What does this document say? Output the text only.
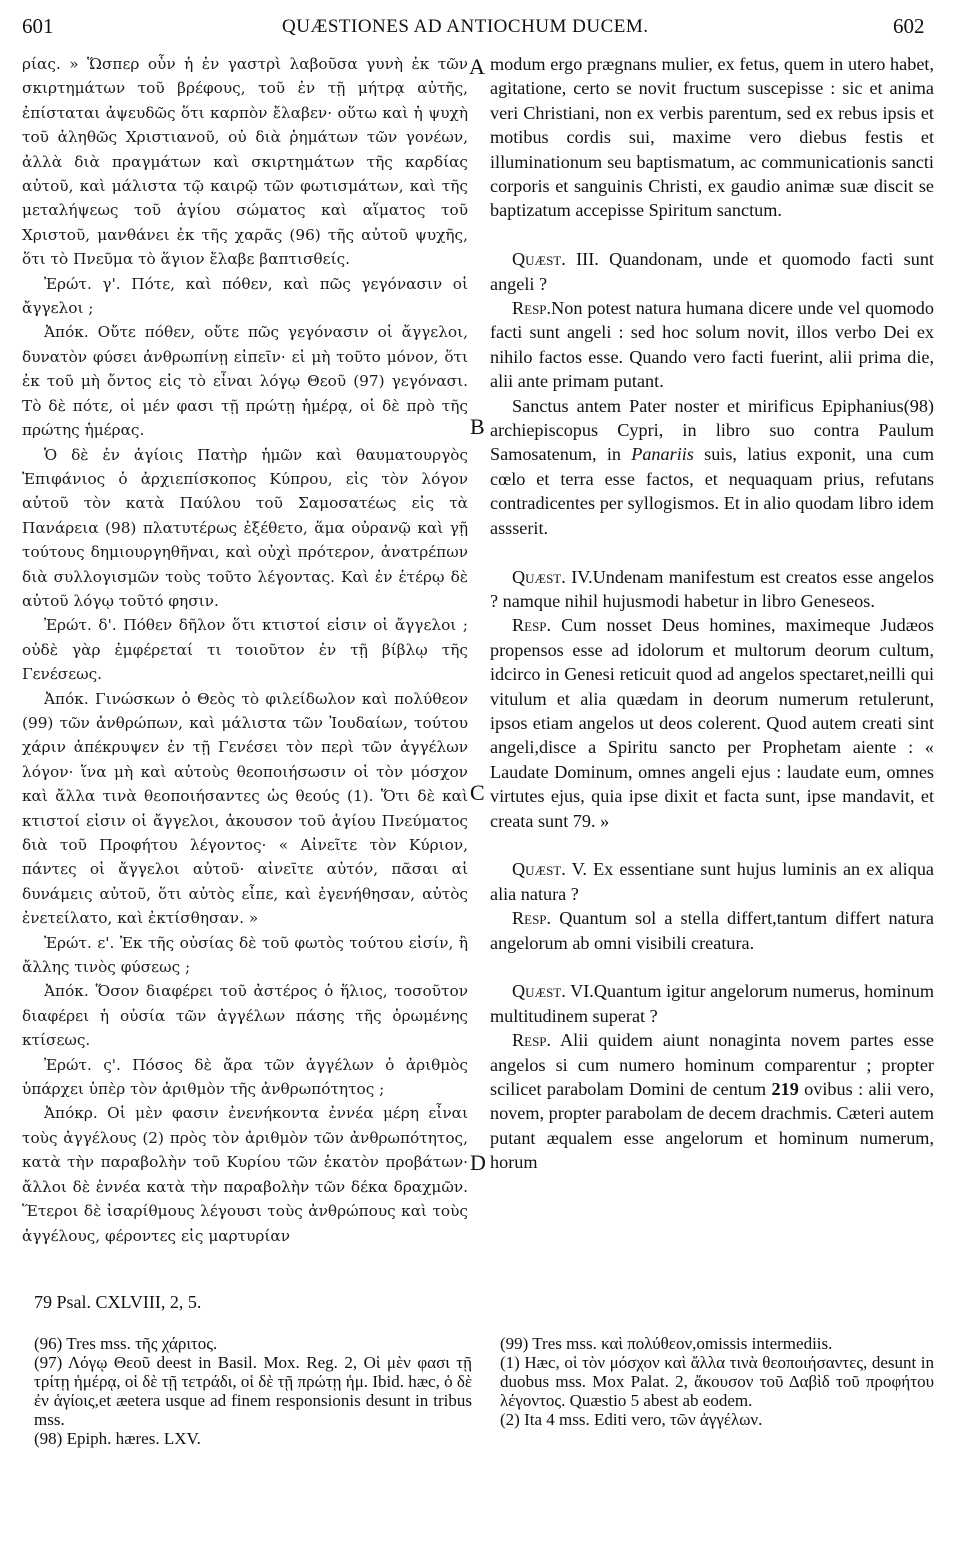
601	QUÆSTIONES AD ANTIOCHUM DUCEM.	602

ρίας. » Ὥσπερ οὖν ἡ ἐν γαστρὶ λαβοῦσα γυνὴ ἐκ τῶν σκιρτημάτων τοῦ βρέφους, τοῦ ἐν τῇ μήτρᾳ αὐτῆς, ἐπίσταται ἀψευδῶς ὅτι καρπὸν ἔλαβεν· οὕτω καὶ ἡ ψυχὴ τοῦ ἀληθῶς Χριστιανοῦ, οὐ διὰ ῥημάτων τῶν γονέων, ἀλλὰ διὰ πραγμάτων καὶ σκιρτημάτων τῆς καρδίας αὐτοῦ, καὶ μάλιστα τῷ καιρῷ τῶν φωτισμάτων, καὶ τῆς μεταλήψεως τοῦ ἁγίου σώματος καὶ αἵματος τοῦ Χριστοῦ, μανθάνει ἐκ τῆς χαρᾶς (96) τῆς αὐτοῦ ψυχῆς, ὅτι τὸ Πνεῦμα τὸ ἅγιον ἔλαβε βαπτισθείς.

Ἐρώτ. γ'. Πότε, καὶ πόθεν, καὶ πῶς γεγόνασιν οἱ ἄγγελοι ;

Ἀπόκ. Οὔτε πόθεν, οὔτε πῶς γεγόνασιν οἱ ἄγγελοι, δυνατὸν φύσει ἀνθρωπίνῃ εἰπεῖν· εἰ μὴ τοῦτο μόνον, ὅτι ἐκ τοῦ μὴ ὄντος εἰς τὸ εἶναι λόγῳ Θεοῦ (97) γεγόνασι. Τὸ δὲ πότε, οἱ μέν φασι τῇ πρώτῃ ἡμέρᾳ, οἱ δὲ πρὸ τῆς πρώτης ἡμέρας.

Ὁ δὲ ἐν ἁγίοις Πατὴρ ἡμῶν καὶ θαυματουργὸς Ἐπιφάνιος ὁ ἀρχιεπίσκοπος Κύπρου, εἰς τὸν λόγον αὐτοῦ τὸν κατὰ Παύλου τοῦ Σαμοσατέως εἰς τὰ Πανάρεια (98) πλατυτέρως ἐξέθετο, ἅμα οὐρανῷ καὶ γῇ τούτους δημιουργηθῆναι, καὶ οὐχὶ πρότερον, ἀνατρέπων διὰ συλλογισμῶν τοὺς τοῦτο λέγοντας. Καὶ ἐν ἑτέρῳ δὲ αὐτοῦ λόγῳ τοῦτό φησιν.

Ἐρώτ. δ'. Πόθεν δῆλον ὅτι κτιστοί εἰσιν οἱ ἄγγελοι ; οὐδὲ γὰρ ἐμφέρεταί τι τοιοῦτον ἐν τῇ βίβλῳ τῆς Γενέσεως.

Ἀπόκ. Γινώσκων ὁ Θεὸς τὸ φιλείδωλον καὶ πολύθεον (99) τῶν ἀνθρώπων, καὶ μάλιστα τῶν Ἰουδαίων, τούτου χάριν ἀπέκρυψεν ἐν τῇ Γενέσει τὸν περὶ τῶν ἀγγέλων λόγον· ἵνα μὴ καὶ αὐτοὺς θεοποιήσωσιν οἱ τὸν μόσχον καὶ ἄλλα τινὰ θεοποιήσαντες ὡς θεούς (1). Ὅτι δὲ καὶ κτιστοί εἰσιν οἱ ἄγγελοι, ἀκουσον τοῦ ἁγίου Πνεύματος διὰ τοῦ Προφήτου λέγοντος· « Αἰνεῖτε τὸν Κύριον, πάντες οἱ ἄγγελοι αὐτοῦ· αἰνεῖτε αὐτόν, πᾶσαι αἱ δυνάμεις αὐτοῦ, ὅτι αὐτὸς εἶπε, καὶ ἐγενήθησαν, αὐτὸς ἐνετείλατο, καὶ ἐκτίσθησαν. »

Ἐρώτ. ε'. Ἐκ τῆς οὐσίας δὲ τοῦ φωτὸς τούτου εἰσίν, ἢ ἄλλης τινὸς φύσεως ;

Ἀπόκ. Ὅσον διαφέρει τοῦ ἀστέρος ὁ ἥλιος, τοσοῦτον διαφέρει ἡ οὐσία τῶν ἀγγέλων πάσης τῆς ὁρωμένης κτίσεως.

Ἐρώτ. ς'. Πόσος δὲ ἄρα τῶν ἀγγέλων ὁ ἀριθμὸς ὑπάρχει ὑπὲρ τὸν ἀριθμὸν τῆς ἀνθρωπότητος ;

Ἀπόκρ. Οἱ μὲν φασιν ἐνενήκοντα ἐννέα μέρη εἶναι τοὺς ἀγγέλους (2) πρὸς τὸν ἀριθμὸν τῶν ἀνθρωπότητος, κατὰ τὴν παραβολὴν τοῦ Κυρίου τῶν ἑκατὸν προβάτων· ἄλλοι δὲ ἐννέα κατὰ τὴν παραβολὴν τῶν δέκα δραχμῶν. Ἕτεροι δὲ ἰσαρίθμους λέγουσι τοὺς ἀνθρώπους καὶ τοὺς ἀγγέλους, φέροντες εἰς μαρτυρίαν

A
B
C
D

modum ergo prægnans mulier, ex fetus, quem in utero habet, agitatione, certo se novit fructum suscepisse : sic et anima veri Christiani, non ex verbis parentum, sed ex rebus ipsis et motibus cordis sui, maxime vero diebus festis et illuminationum seu baptismatum, ac communicationis sancti corporis et sanguinis Christi, ex gaudio animæ suæ discit se baptizatum accepisse Spiritum sanctum.

Quæst. III. Quandonam, unde et quomodo facti sunt angeli ?

Resp.Non potest natura humana dicere unde vel quomodo facti sunt angeli : sed hoc solum novit, illos verbo Dei ex nihilo factos esse. Quando vero facti fuerint, alii prima die, alii ante primam putant.

Sanctus antem Pater noster et mirificus Epiphanius(98) archiepiscopus Cypri, in libro suo contra Paulum Samosatenum, in Panariis suis, latius exponit, una cum cœlo et terra esse factos, et nequaquam prius, refutans contradicentes per syllogismos. Et in alio quodam libro idem assserit.

Quæst. IV.Undenam manifestum est creatos esse angelos ? namque nihil hujusmodi habetur in libro Geneseos.

Resp. Cum nosset Deus homines, maximeque Judæos propensos esse ad idolorum et multorum deorum cultum, idcirco in Genesi reticuit quod ad angelos spectaret,neilli qui vitulum et alia quædam in deorum numerum retulerunt, ipsos etiam angelos ut deos colerent. Quod autem creati sint angeli,disce a Spiritu sancto per Prophetam aiente : « Laudate Dominum, omnes angeli ejus : laudate eum, omnes virtutes ejus, quia ipse dixit et facta sunt, ipse mandavit, et creata sunt 79. »

Quæst. V. Ex essentiane sunt hujus luminis an ex aliqua alia natura ?

Resp. Quantum sol a stella differt,tantum differt natura angelorum ab omni visibili creatura.

Quæst. VI.Quantum igitur angelorum numerus, hominum multitudinem superat ?

Resp. Alii quidem aiunt nonaginta novem partes esse angelos si cum numero hominum comparentur ; propter scilicet parabolam Domini de centum 219 ovibus : alii vero, novem, propter parabolam de decem drachmis. Cæteri autem putant æqualem esse angelorum et hominum numerum, horum

79 Psal. CXLVIII, 2, 5.

(96) Tres mss. τῆς χάριτος.

(97) Λόγῳ Θεοῦ deest in Basil. Mox. Reg. 2, Οἱ μὲν φασι τῇ τρίτῃ ἡμέρᾳ, οἱ δὲ τῇ τετράδι, οἱ δὲ τῇ πρώτῃ ἡμ. Ibid. hæc, ὁ δὲ ἐν ἁγίοις,et æetera usque ad finem responsionis desunt in tribus mss.

(98) Epiph. hæres. LXV.

(99) Tres mss. καὶ πολύθεον,omissis intermediis.

(1) Hæc, οἱ τὸν μόσχον καὶ ἄλλα τινὰ θεοποιήσαντες, desunt in duobus mss. Mox Palat. 2, ἄκουσον τοῦ Δαβὶδ τοῦ προφήτου λέγοντος. Quæstio 5 abest ab eodem.

(2) Ita 4 mss. Editi vero, τῶν ἀγγέλων.
